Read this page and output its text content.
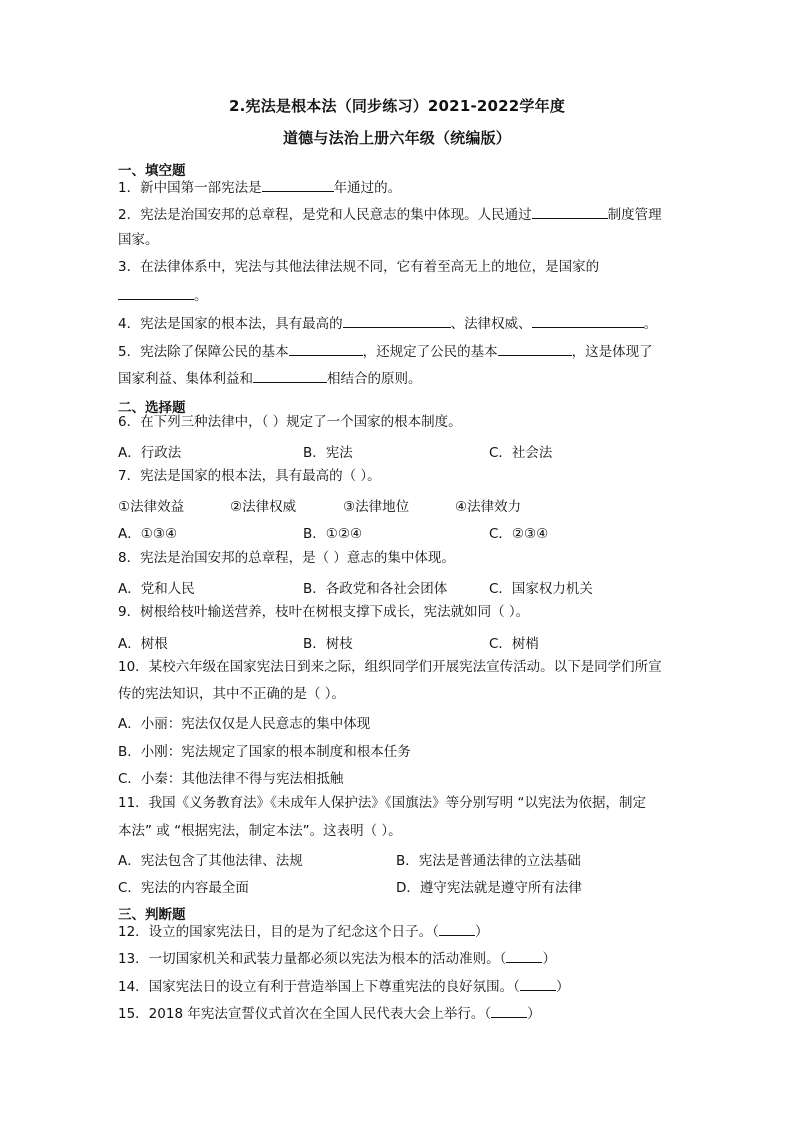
2.宪法是根本法（同步练习）2021-2022学年度
道德与法治上册六年级（统编版）
一、填空题
1．新中国第一部宪法是	年通过的。
2．宪法是治国安邦的总章程，是党和人民意志的集中体现。人民通过	制度管理
国家。
3．在法律体系中，宪法与其他法律法规不同，它有着至高无上的地位，是国家的
。
4．宪法是国家的根本法，具有最高的	、法律权威、	。
5．宪法除了保障公民的基本	，还规定了公民的基本	，这是体现了
国家利益、集体利益和	相结合的原则。
二、选择题
6．在下列三种法律中，（ ）规定了一个国家的根本制度。
A．行政法	B．宪法	C．社会法
7．宪法是国家的根本法，具有最高的（ ）。
①法律效益	②法律权威	③法律地位	④法律效力
A．①③④	B．①②④	C．②③④
8．宪法是治国安邦的总章程，是（ ）意志的集中体现。
A．党和人民	B．各政党和各社会团体	C．国家权力机关
9．树根给枝叶输送营养，枝叶在树根支撑下成长，宪法就如同（ ）。
A．树根	B．树枝	C．树梢
10．某校六年级在国家宪法日到来之际，组织同学们开展宪法宣传活动。以下是同学们所宣
传的宪法知识，其中不正确的是（ ）。
A．小丽：宪法仅仅是人民意志的集中体现
B．小刚：宪法规定了国家的根本制度和根本任务
C．小秦：其他法律不得与宪法相抵触
11．我国《义务教育法》《未成年人保护法》《国旗法》等分别写明 “以宪法为依据，制定
本法” 或 “根据宪法，制定本法”。这表明（ ）。
A．宪法包含了其他法律、法规	B．宪法是普通法律的立法基础
C．宪法的内容最全面	D．遵守宪法就是遵守所有法律
三、判断题
12．设立的国家宪法日，目的是为了纪念这个日子。（	）
13．一切国家机关和武装力量都必须以宪法为根本的活动准则。（	）
14．国家宪法日的设立有利于营造举国上下尊重宪法的良好氛围。（	）
15．2018 年宪法宣誓仪式首次在全国人民代表大会上举行。（	）
